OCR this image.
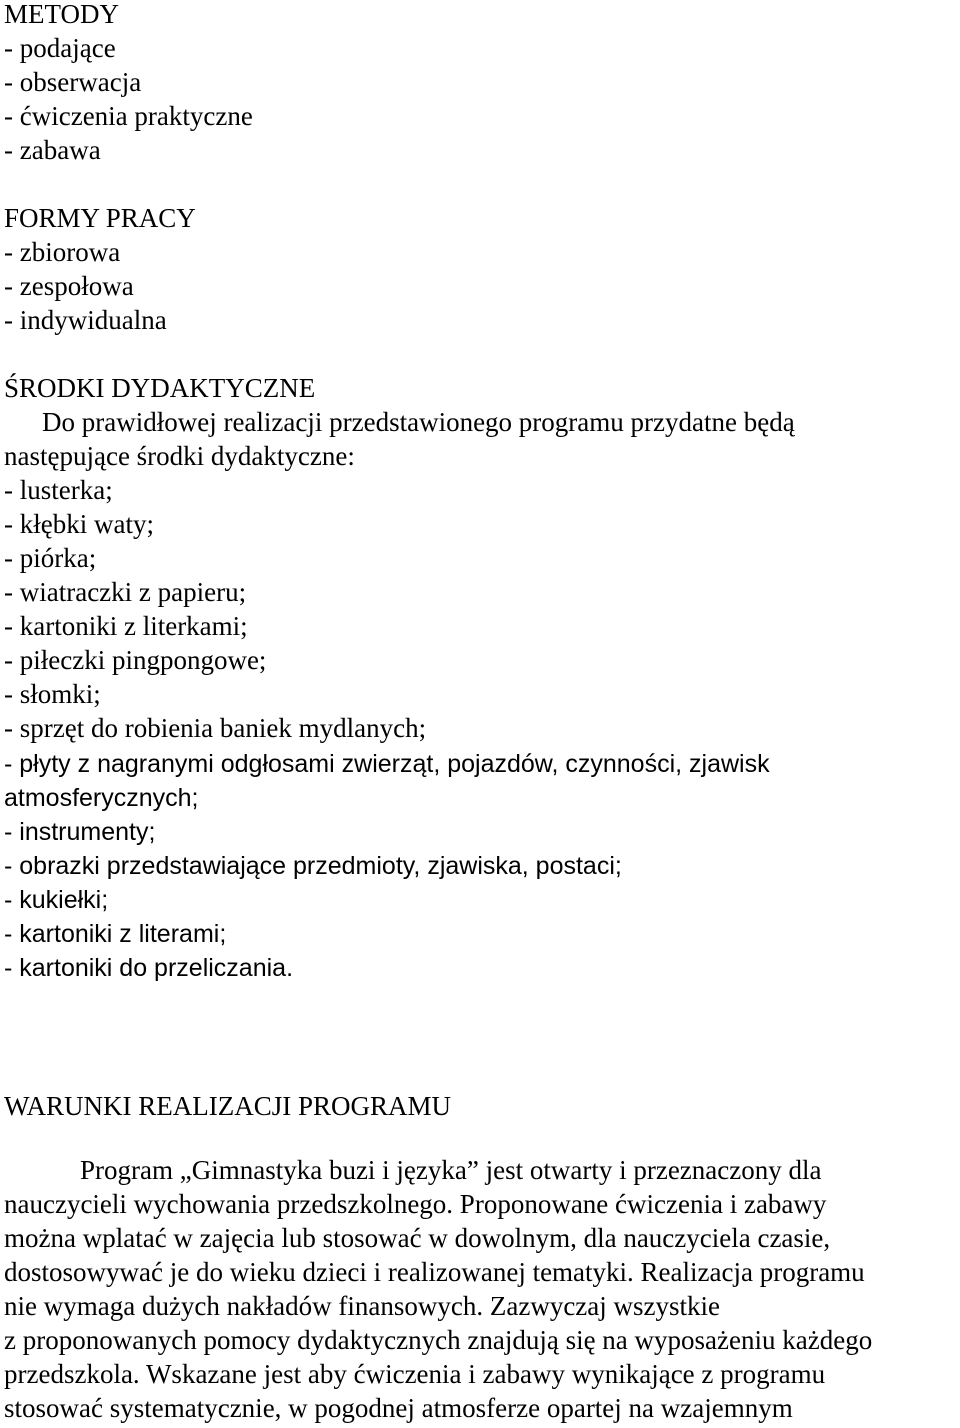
METODY
- podające
- obserwacja
- ćwiczenia praktyczne
- zabawa
FORMY PRACY
- zbiorowa
- zespołowa
- indywidualna
ŚRODKI DYDAKTYCZNE
Do prawidłowej realizacji przedstawionego programu przydatne będą
następujące środki dydaktyczne:
- lusterka;
- kłębki waty;
- piórka;
- wiatraczki z papieru;
- kartoniki z literkami;
- piłeczki pingpongowe;
- słomki;
- sprzęt do robienia baniek mydlanych;
- płyty z nagranymi odgłosami zwierząt, pojazdów, czynności, zjawisk
atmosferycznych;
- instrumenty;
- obrazki przedstawiające przedmioty, zjawiska, postaci;
- kukiełki;
- kartoniki z literami;
- kartoniki do przeliczania.
WARUNKI REALIZACJI PROGRAMU
Program „Gimnastyka buzi i języka” jest otwarty i przeznaczony dla
nauczycieli wychowania przedszkolnego. Proponowane ćwiczenia i zabawy
można wplatać w zajęcia lub stosować w dowolnym, dla nauczyciela czasie,
dostosowywać je do wieku dzieci i realizowanej tematyki. Realizacja programu
nie wymaga dużych nakładów finansowych. Zazwyczaj wszystkie
z proponowanych pomocy dydaktycznych znajdują się na wyposażeniu każdego
przedszkola. Wskazane jest aby ćwiczenia i zabawy wynikające z programu
stosować systematycznie, w pogodnej atmosferze opartej na wzajemnym
